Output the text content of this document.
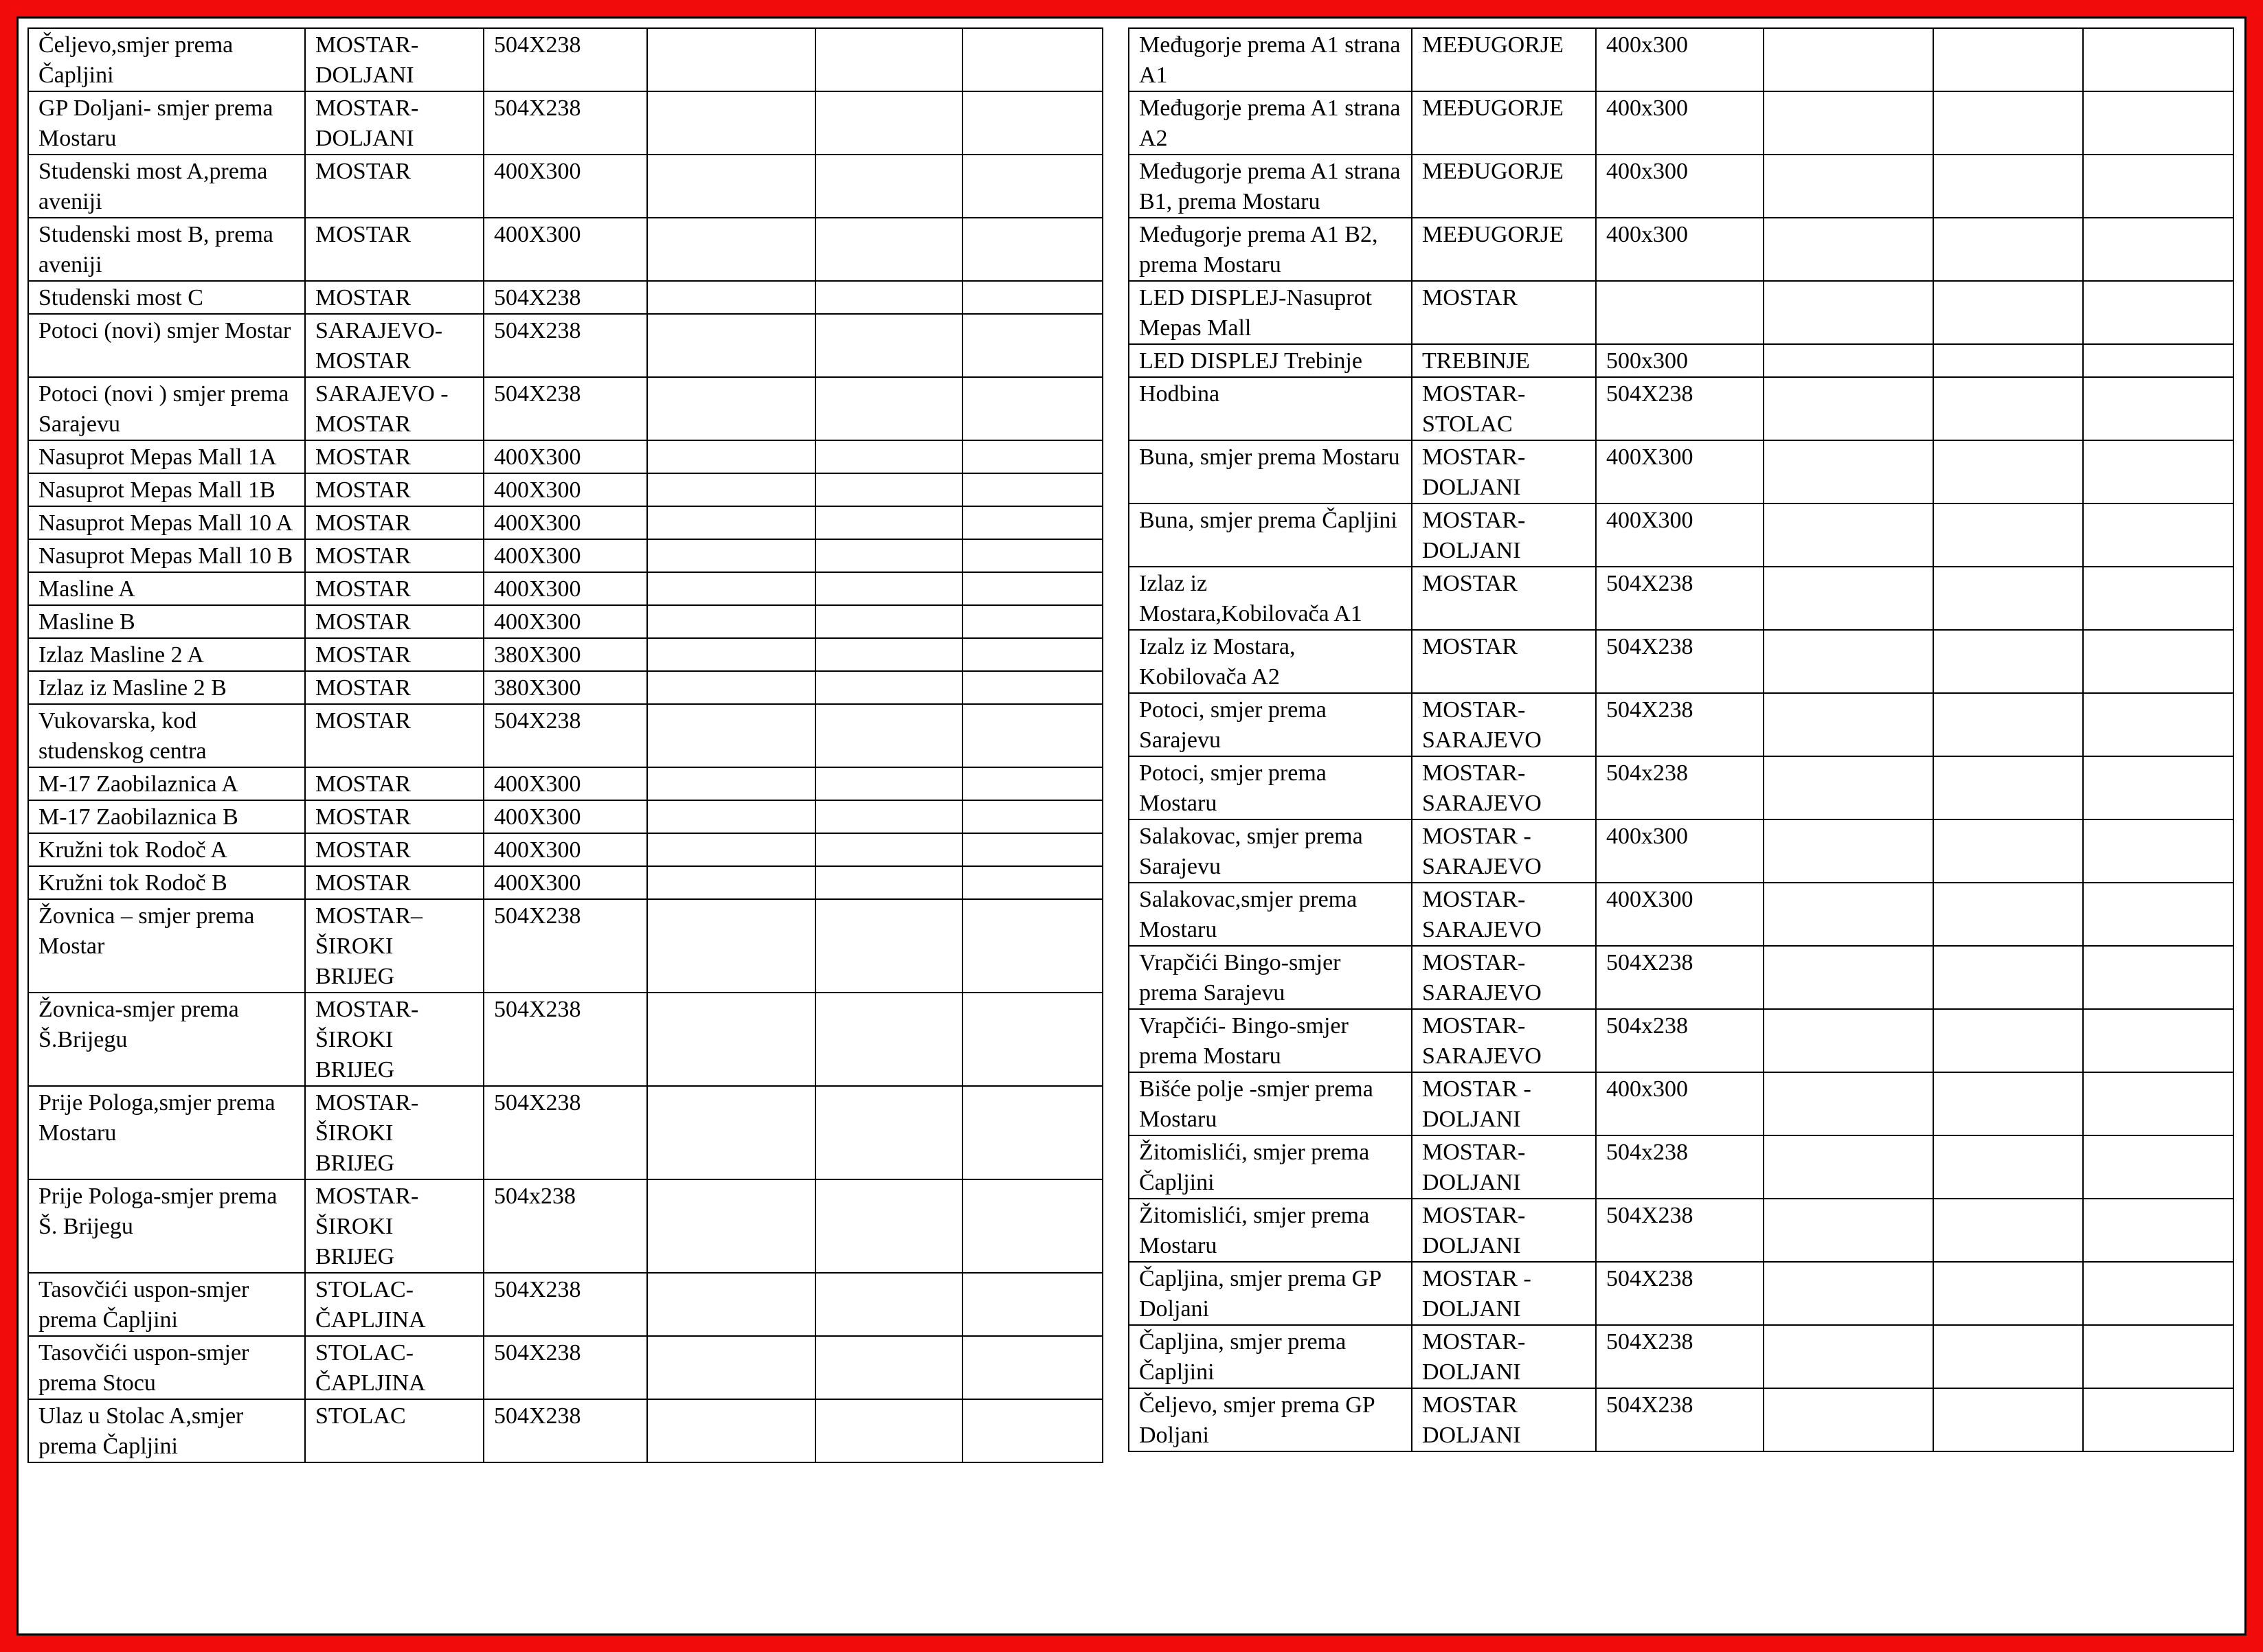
Čeljevo,smjer prema Čapljini	MOSTAR-DOLJANI	504X238			
GP Doljani- smjer prema Mostaru	MOSTAR-DOLJANI	504X238			
Studenski most A,prema aveniji	MOSTAR	400X300			
Studenski most B, prema aveniji	MOSTAR	400X300			
Studenski most C	MOSTAR	504X238			
Potoci (novi) smjer Mostar	SARAJEVO-MOSTAR	504X238			
Potoci (novi ) smjer prema Sarajevu	SARAJEVO - MOSTAR	504X238			
Nasuprot Mepas Mall 1A	MOSTAR	400X300			
Nasuprot Mepas Mall 1B	MOSTAR	400X300			
Nasuprot Mepas Mall 10 A	MOSTAR	400X300			
Nasuprot Mepas Mall 10 B	MOSTAR	400X300			
Masline A	MOSTAR	400X300			
Masline B	MOSTAR	400X300			
Izlaz Masline 2 A	MOSTAR	380X300			
Izlaz iz Masline 2 B	MOSTAR	380X300			
Vukovarska, kod studenskog centra	MOSTAR	504X238			
M-17 Zaobilaznica A	MOSTAR	400X300			
M-17 Zaobilaznica B	MOSTAR	400X300			
Kružni tok Rodoč A	MOSTAR	400X300			
Kružni tok Rodoč B	MOSTAR	400X300			
Žovnica – smjer prema Mostar	MOSTAR– ŠIROKI BRIJEG	504X238			
Žovnica-smjer prema Š.Brijegu	MOSTAR- ŠIROKI BRIJEG	504X238			
Prije Pologa,smjer prema Mostaru	MOSTAR- ŠIROKI BRIJEG	504X238			
Prije Pologa-smjer prema Š. Brijegu	MOSTAR- ŠIROKI BRIJEG	504x238			
Tasovčići uspon-smjer prema Čapljini	STOLAC-ČAPLJINA	504X238			
Tasovčići uspon-smjer prema Stocu	STOLAC-ČAPLJINA	504X238			
Ulaz u Stolac A,smjer prema Čapljini	STOLAC	504X238			
Međugorje prema A1 strana A1	MEĐUGORJE	400x300			
Međugorje prema A1 strana A2	MEĐUGORJE	400x300			
Međugorje prema A1 strana B1, prema Mostaru	MEĐUGORJE	400x300			
Međugorje prema A1 B2, prema Mostaru	MEĐUGORJE	400x300			
LED DISPLEJ-Nasuprot Mepas Mall	MOSTAR				
LED DISPLEJ Trebinje	TREBINJE	500x300			
Hodbina	MOSTAR-STOLAC	504X238			
Buna, smjer prema Mostaru	MOSTAR-DOLJANI	400X300			
Buna, smjer prema Čapljini	MOSTAR-DOLJANI	400X300			
Izlaz iz Mostara,Kobilovača A1	MOSTAR	504X238			
Izalz iz Mostara, Kobilovača A2	MOSTAR	504X238			
Potoci, smjer prema Sarajevu	MOSTAR-SARAJEVO	504X238			
Potoci, smjer prema Mostaru	MOSTAR-SARAJEVO	504x238			
Salakovac, smjer prema Sarajevu	MOSTAR - SARAJEVO	400x300			
Salakovac,smjer prema Mostaru	MOSTAR-SARAJEVO	400X300			
Vrapčići Bingo-smjer prema Sarajevu	MOSTAR-SARAJEVO	504X238			
Vrapčići- Bingo-smjer prema Mostaru	MOSTAR-SARAJEVO	504x238			
Bišće polje -smjer prema Mostaru	MOSTAR - DOLJANI	400x300			
Žitomislići, smjer prema Čapljini	MOSTAR-DOLJANI	504x238			
Žitomislići, smjer prema Mostaru	MOSTAR-DOLJANI	504X238			
Čapljina, smjer prema GP Doljani	MOSTAR - DOLJANI	504X238			
Čapljina, smjer prema Čapljini	MOSTAR-DOLJANI	504X238			
Čeljevo, smjer prema GP Doljani	MOSTAR DOLJANI	504X238			
